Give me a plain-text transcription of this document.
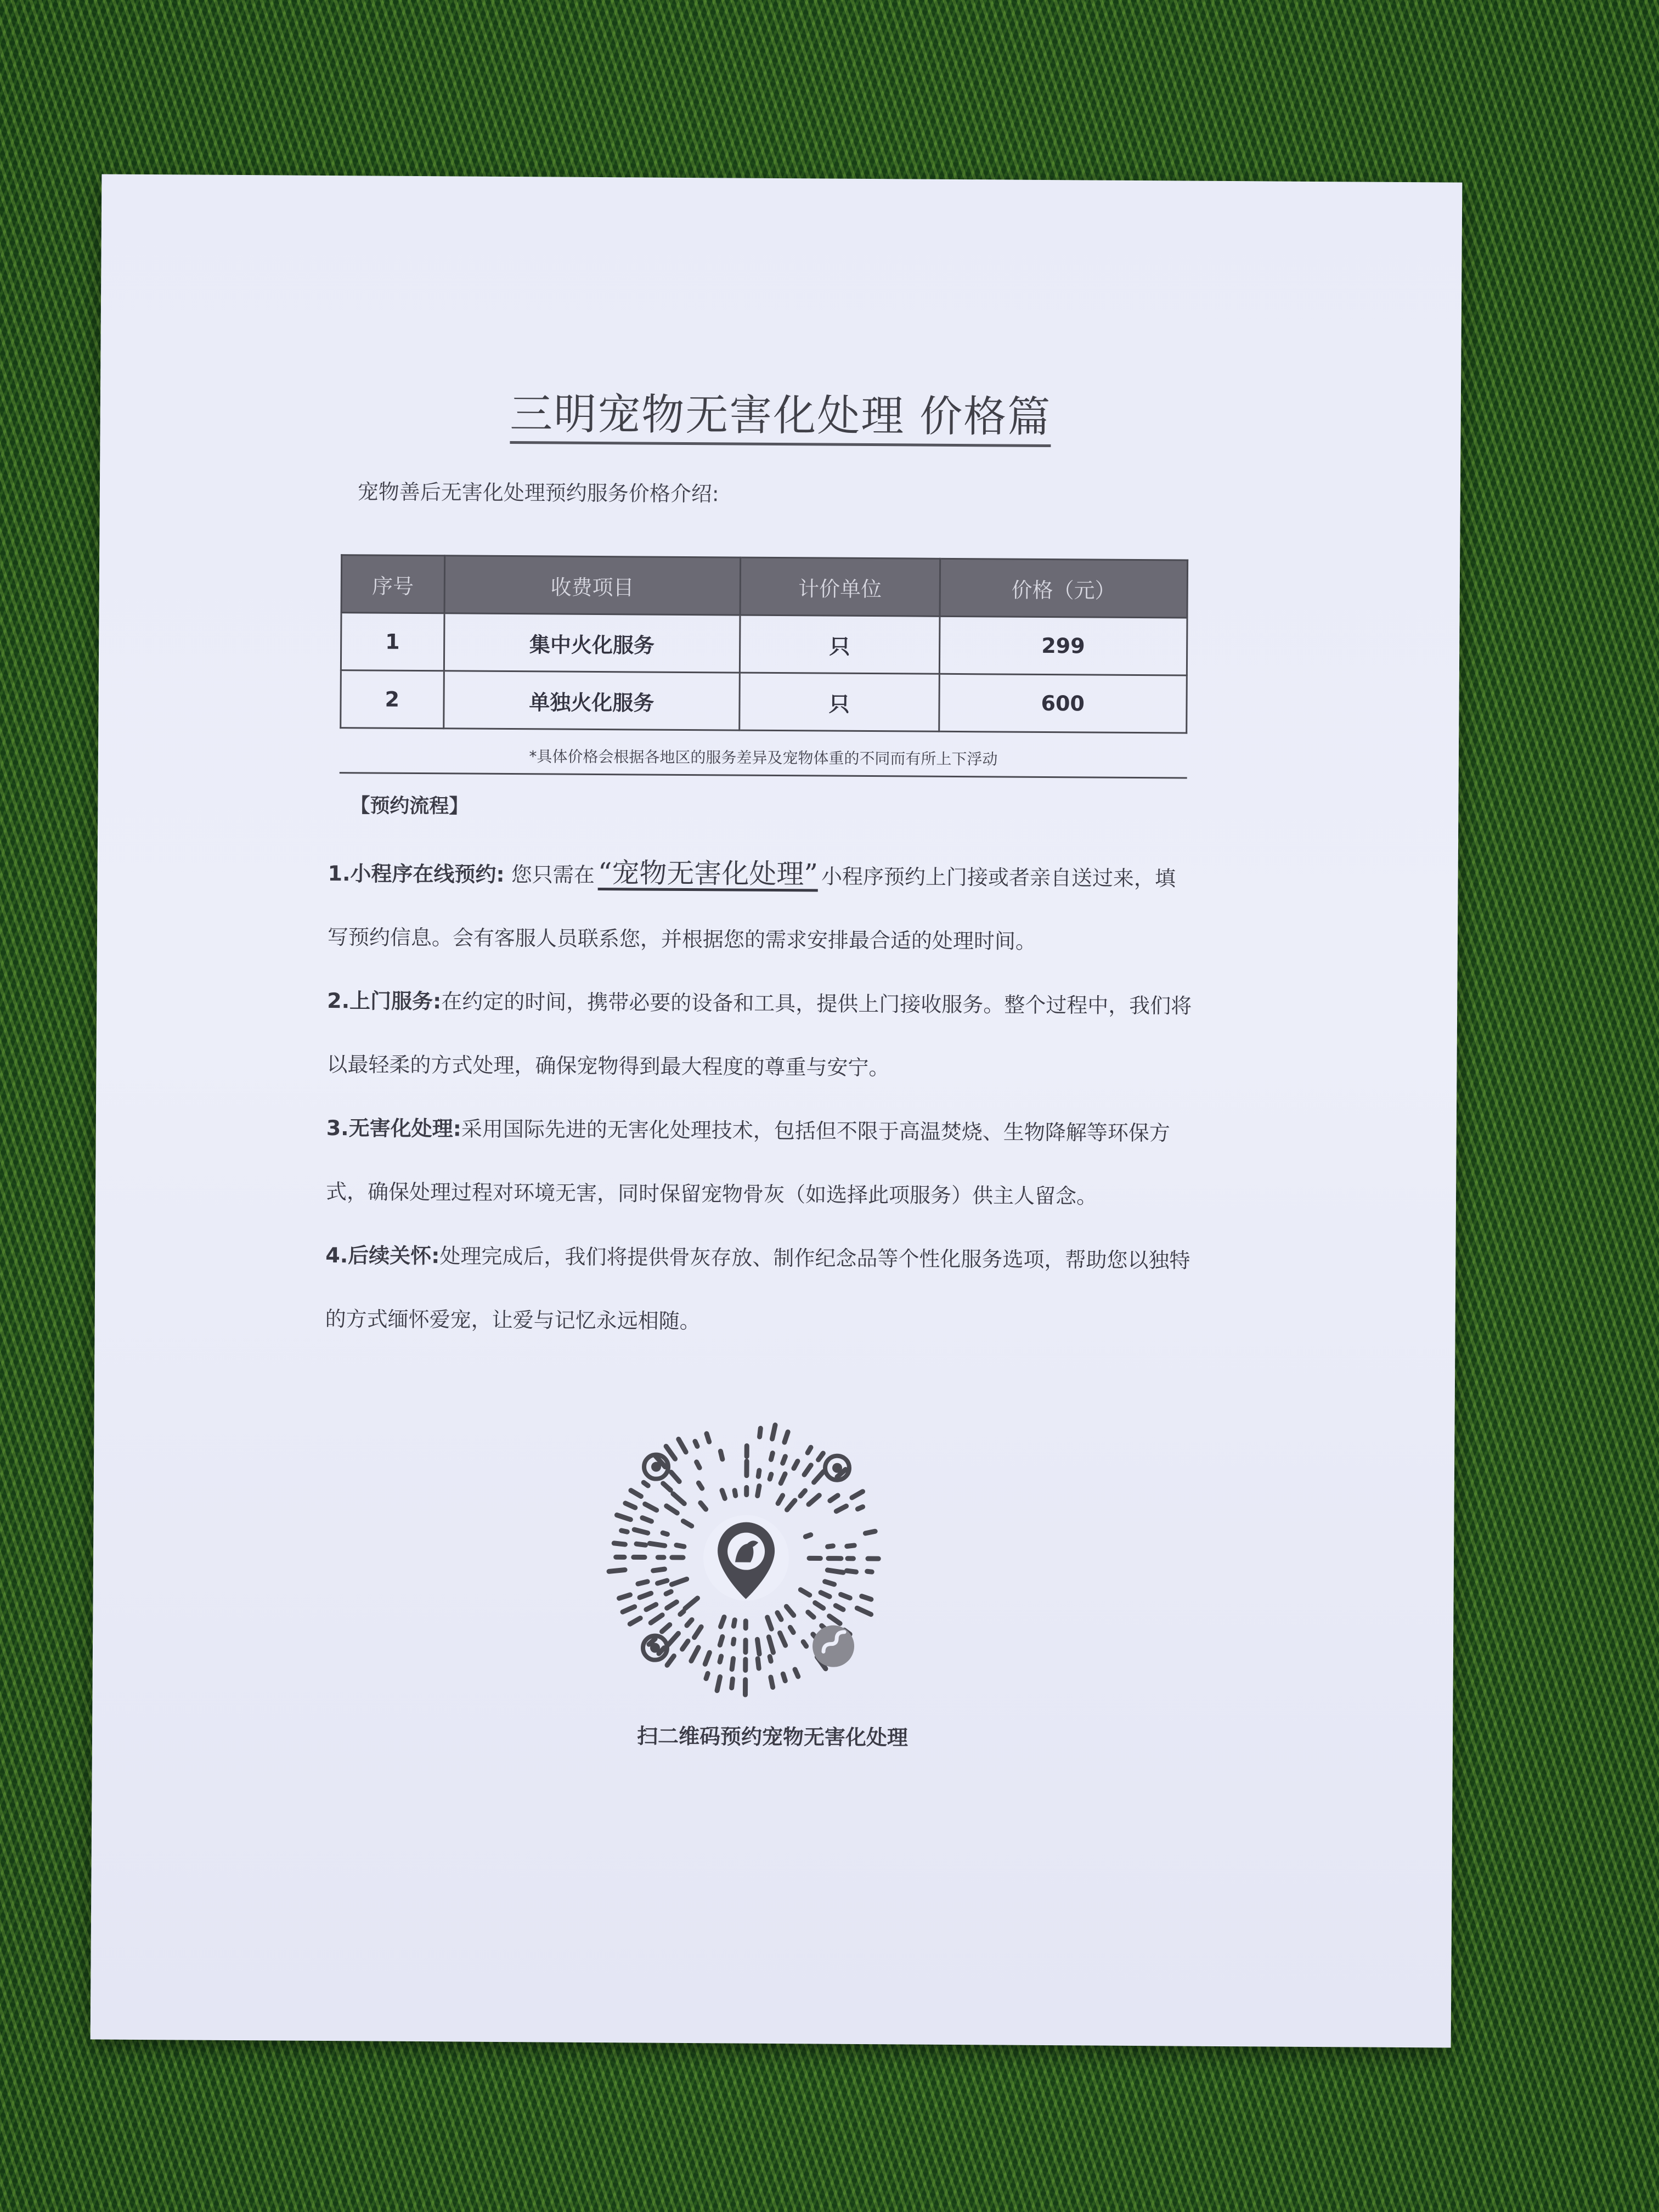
三明宠物无害化处理 价格篇
宠物善后无害化处理预约服务价格介绍:
序号	收费项目	计价单位	价格（元）
1	集中火化服务	只	299
2	单独火化服务	只	600
*具体价格会根据各地区的服务差异及宠物体重的不同而有所上下浮动
【预约流程】

1.小程序在线预约: 您只需在 “宠物无害化处理” 小程序预约上门接或者亲自送过来，填写预约信息。会有客服人员联系您，并根据您的需求安排最合适的处理时间。

2.上门服务:在约定的时间，携带必要的设备和工具，提供上门接收服务。整个过程中，我们将以最轻柔的方式处理，确保宠物得到最大程度的尊重与安宁。

3.无害化处理:采用国际先进的无害化处理技术，包括但不限于高温焚烧、生物降解等环保方式，确保处理过程对环境无害，同时保留宠物骨灰（如选择此项服务）供主人留念。

4.后续关怀:处理完成后，我们将提供骨灰存放、制作纪念品等个性化服务选项，帮助您以独特的方式缅怀爱宠，让爱与记忆永远相随。

扫二维码预约宠物无害化处理
